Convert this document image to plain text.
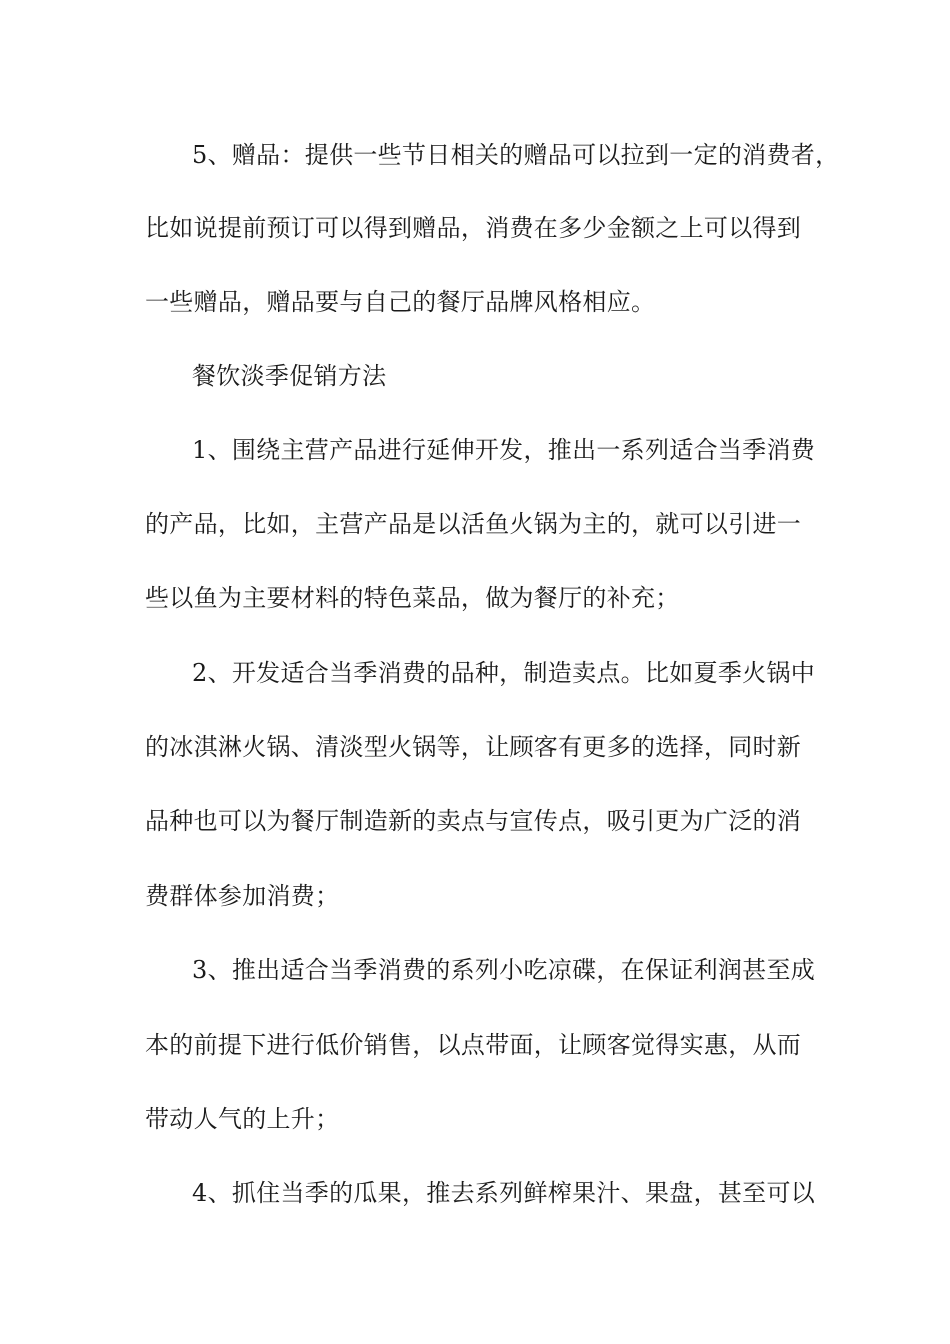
5、赠品：提供一些节日相关的赠品可以拉到一定的消费者，
比如说提前预订可以得到赠品，消费在多少金额之上可以得到
一些赠品，赠品要与自己的餐厅品牌风格相应。
餐饮淡季促销方法
1、围绕主营产品进行延伸开发，推出一系列适合当季消费
的产品，比如，主营产品是以活鱼火锅为主的，就可以引进一
些以鱼为主要材料的特色菜品，做为餐厅的补充；
2、开发适合当季消费的品种，制造卖点。比如夏季火锅中
的冰淇淋火锅、清淡型火锅等，让顾客有更多的选择，同时新
品种也可以为餐厅制造新的卖点与宣传点，吸引更为广泛的消
费群体参加消费；
3、推出适合当季消费的系列小吃凉碟，在保证利润甚至成
本的前提下进行低价销售，以点带面，让顾客觉得实惠，从而
带动人气的上升；
4、抓住当季的瓜果，推去系列鲜榨果汁、果盘，甚至可以
